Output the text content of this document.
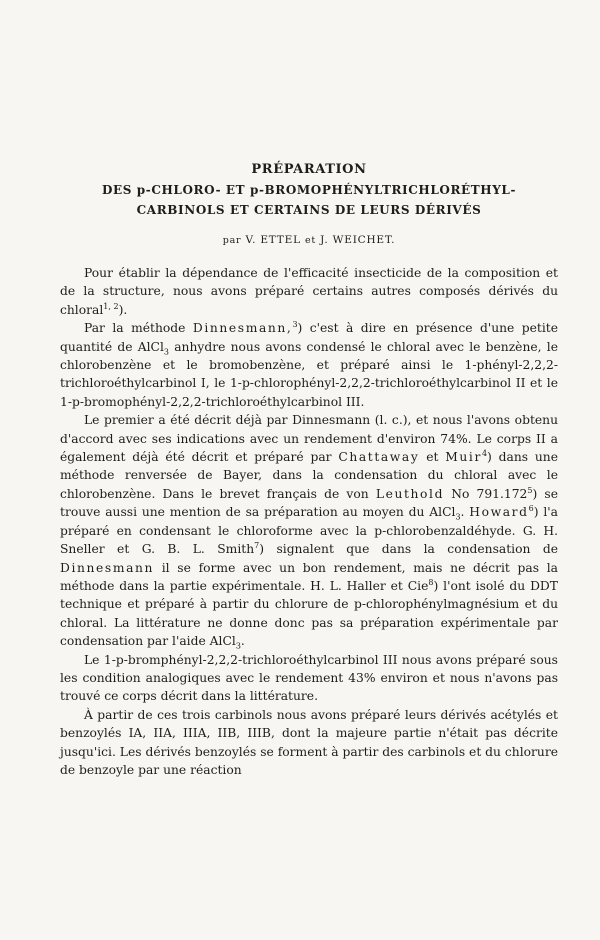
PRÉPARATION
DES p-CHLORO- ET p-BROMOPHÉNYLTRICHLORÉTHYL-
CARBINOLS ET CERTAINS DE LEURS DÉRIVÉS
par V. ETTEL et J. WEICHET.

Pour établir la dépendance de l'efficacité insecticide de la composition et de la structure, nous avons préparé certains autres composés dérivés du chloral$^{1, 2}$).

Par la méthode Dinnesmann,$^3$) c'est à dire en présence d'une petite quantité de AlCl$_3$ anhydre nous avons condensé le chloral avec le benzène, le chlorobenzène et le bromobenzène, et préparé ainsi le 1-phényl-2,2,2-trichloroéthylcarbinol I, le 1-p-chlorophényl-2,2,2-trichloroéthylcarbinol II et le 1-p-bromophényl-2,2,2-trichloroéthylcarbinol III.

Le premier a été décrit déjà par Dinnesmann (l. c.), et nous l'avons obtenu d'accord avec ses indications avec un rendement d'environ 74%. Le corps II a également déjà été décrit et préparé par Chattaway et Muir$^4$) dans une méthode renversée de Bayer, dans la condensation du chloral avec le chlorobenzène. Dans le brevet français de von Leuthold No 791.172$^5$) se trouve aussi une mention de sa préparation au moyen du AlCl$_3$. Howard$^6$) l'a préparé en condensant le chloroforme avec la p-chlorobenzaldéhyde. G. H. Sneller et G. B. L. Smith$^7$) signalent que dans la condensation de Dinnesmann il se forme avec un bon rendement, mais ne décrit pas la méthode dans la partie expérimentale. H. L. Haller et Cie$^8$) l'ont isolé du DDT technique et préparé à partir du chlorure de p-chlorophénylmagnésium et du chloral. La littérature ne donne donc pas sa préparation expérimentale par condensation par l'aide AlCl$_3$.

Le 1-p-bromphényl-2,2,2-trichloroéthylcarbinol III nous avons préparé sous les condition analogiques avec le rendement 43% environ et nous n'avons pas trouvé ce corps décrit dans la littérature.

À partir de ces trois carbinols nous avons préparé leurs dérivés acétylés et benzoylés IA, IIA, IIIA, IIB, IIIB, dont la majeure partie n'était pas décrite jusqu'ici. Les dérivés benzoylés se forment à partir des carbinols et du chlorure de benzoyle par une réaction
